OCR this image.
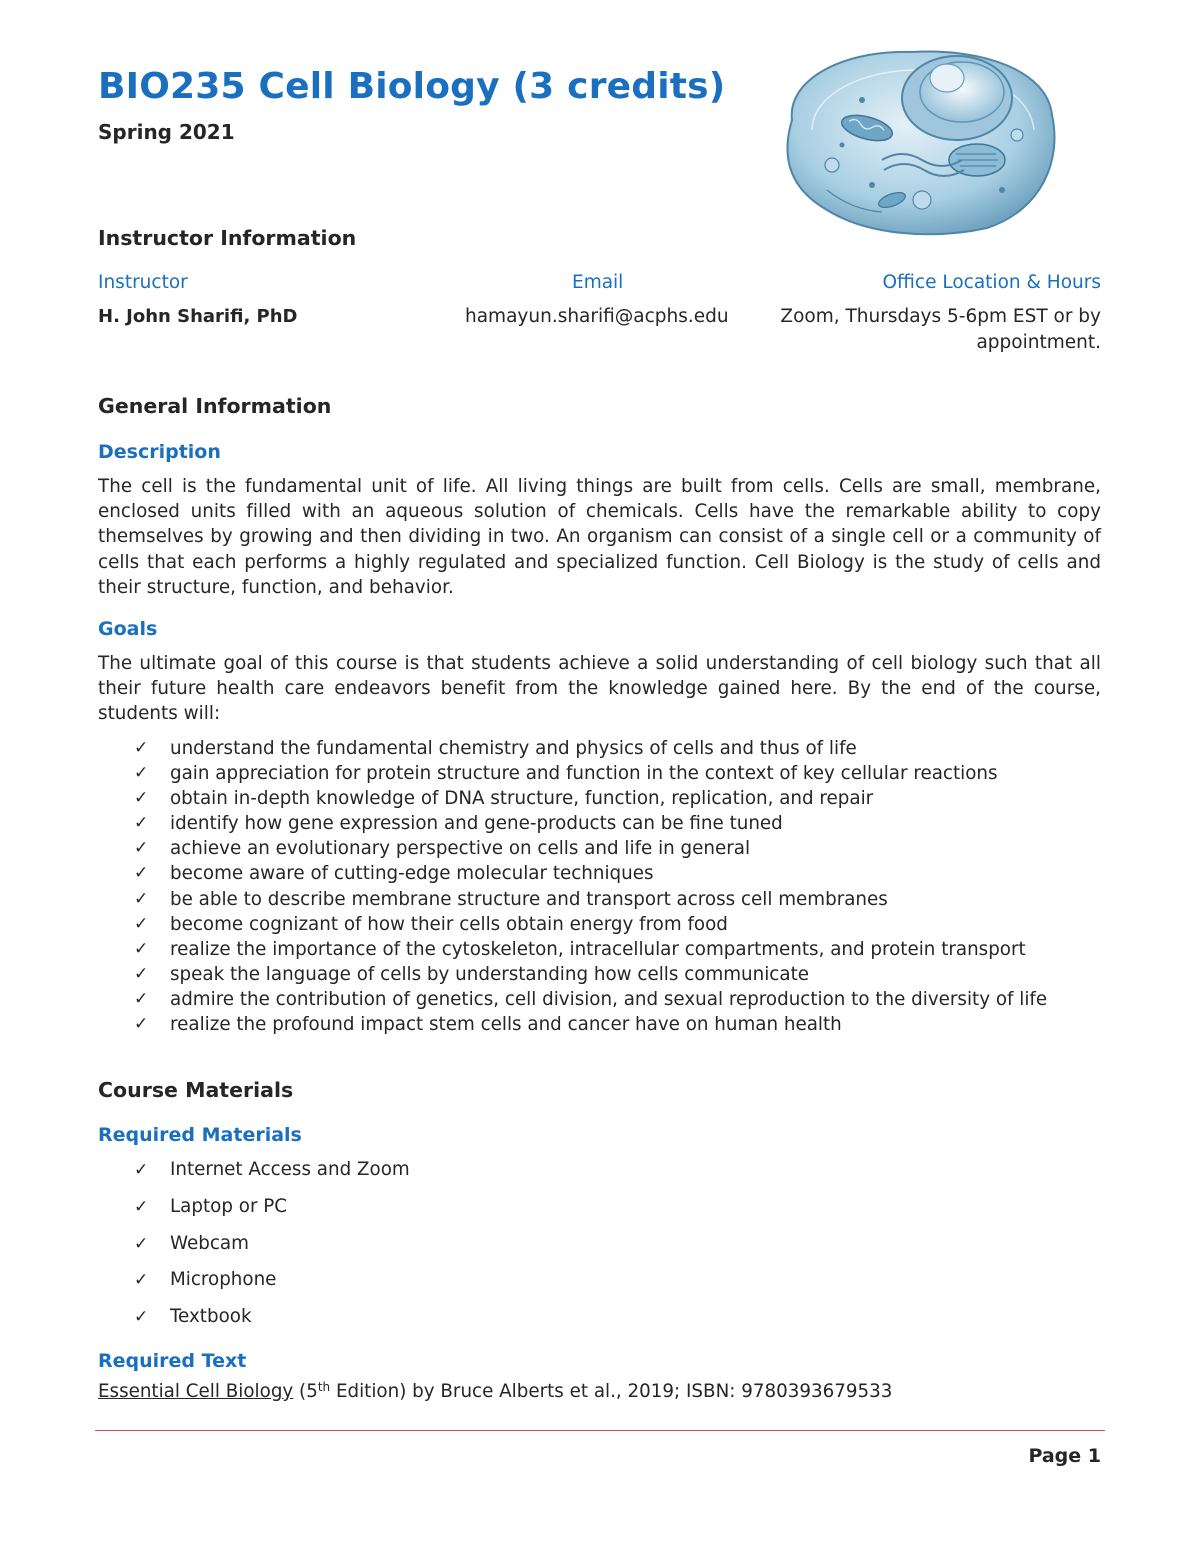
BIO235 Cell Biology (3 credits)
Spring 2021
Instructor Information
Instructor	Email	Office Location & Hours
H. John Sharifi, PhD	hamayun.sharifi@acphs.edu	Zoom, Thursdays 5-6pm EST or by
appointment.
General Information
Description

The cell is the fundamental unit of life. All living things are built from cells. Cells are small, membrane, enclosed units filled with an aqueous solution of chemicals. Cells have the remarkable ability to copy themselves by growing and then dividing in two. An organism can consist of a single cell or a community of cells that each performs a highly regulated and specialized function. Cell Biology is the study of cells and their structure, function, and behavior.

Goals

The ultimate goal of this course is that students achieve a solid understanding of cell biology such that all their future health care endeavors benefit from the knowledge gained here. By the end of the course, students will:

✓ understand the fundamental chemistry and physics of cells and thus of life
✓ gain appreciation for protein structure and function in the context of key cellular reactions
✓ obtain in-depth knowledge of DNA structure, function, replication, and repair
✓ identify how gene expression and gene-products can be fine tuned
✓ achieve an evolutionary perspective on cells and life in general
✓ become aware of cutting-edge molecular techniques
✓ be able to describe membrane structure and transport across cell membranes
✓ become cognizant of how their cells obtain energy from food
✓ realize the importance of the cytoskeleton, intracellular compartments, and protein transport
✓ speak the language of cells by understanding how cells communicate
✓ admire the contribution of genetics, cell division, and sexual reproduction to the diversity of life
✓ realize the profound impact stem cells and cancer have on human health
Course Materials
Required Materials
✓ Internet Access and Zoom
✓ Laptop or PC
✓ Webcam
✓ Microphone
✓ Textbook
Required Text
Essential Cell Biology (5th Edition) by Bruce Alberts et al., 2019; ISBN: 9780393679533
Page 1
